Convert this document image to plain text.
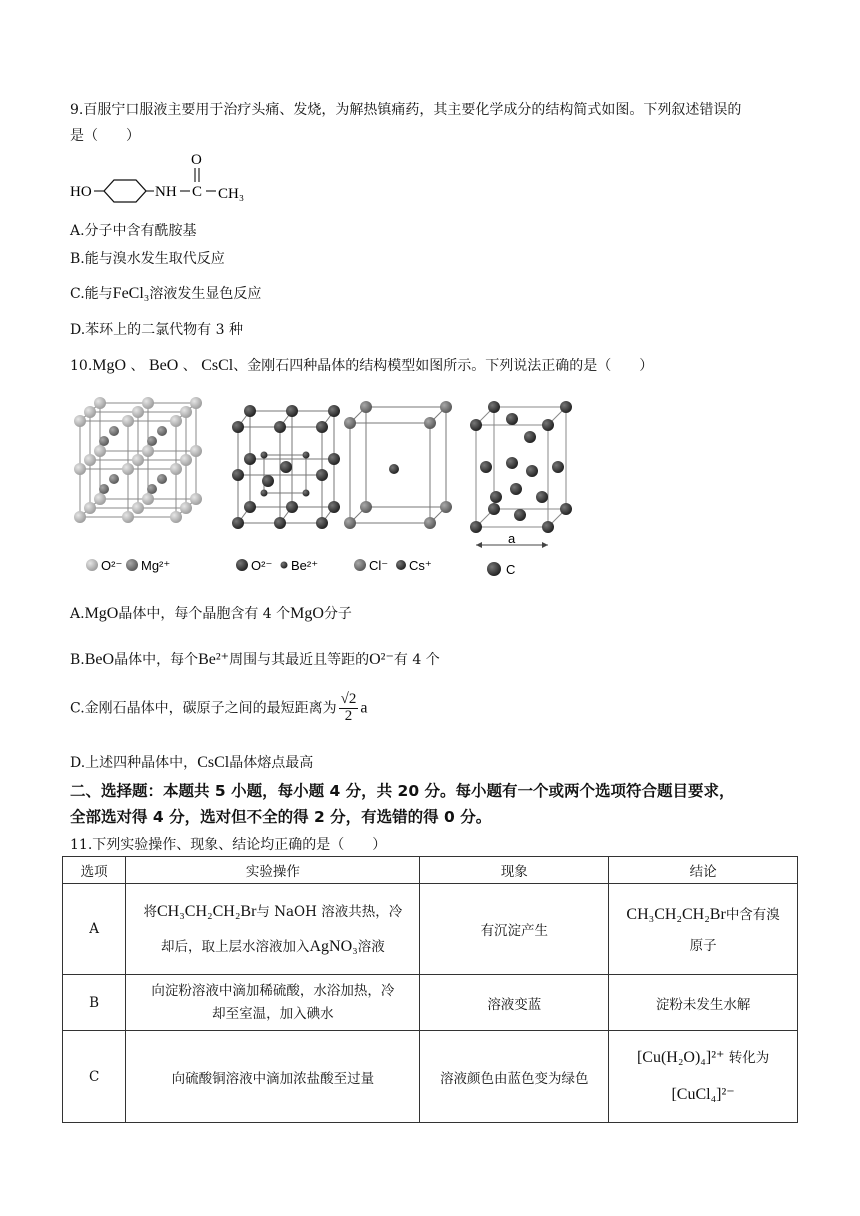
9.百服宁口服液主要用于治疗头痛、发烧，为解热镇痛药，其主要化学成分的结构简式如图。下列叙述错误的
是（　　）
HO	NH C
O
CH₃
A.分子中含有酰胺基
B.能与溴水发生取代反应
C.能与FeCl₃溶液发生显色反应
D.苯环上的二氯代物有 3 种
10.MgO 、 BeO 、 CsCl、金刚石四种晶体的结构模型如图所示。下列说法正确的是（　　）
O²⁻ Mg²⁺	O²⁻ Be²⁺	Cl⁻ Cs⁺
a
C
A.MgO晶体中，每个晶胞含有 4 个MgO分子
B.BeO晶体中，每个Be²⁺周围与其最近且等距的O²⁻有 4 个
C.金刚石晶体中，碳原子之间的最短距离为 $\frac{√2}{2}$ a
D.上述四种晶体中，CsCl晶体熔点最高
二、选择题：本题共 5 小题，每小题 4 分，共 20 分。每小题有一个或两个选项符合题目要求，
全部选对得 4 分，选对但不全的得 2 分，有选错的得 0 分。
11.下列实验操作、现象、结论均正确的是（　　）
选项	实验操作	现象	结论
A	将CH₃CH₂CH₂Br与 NaOH 溶液共热，冷
却后，取上层水溶液加入AgNO₃溶液	有沉淀产生	CH₃CH₂CH₂Br中含有溴
原子
B	向淀粉溶液中滴加稀硫酸，水浴加热，冷
却至室温，加入碘水	溶液变蓝	淀粉未发生水解
C	向硫酸铜溶液中滴加浓盐酸至过量	溶液颜色由蓝色变为绿色	[Cu(H₂O)₄]²⁺ 转化为
[CuCl₄]²⁻
